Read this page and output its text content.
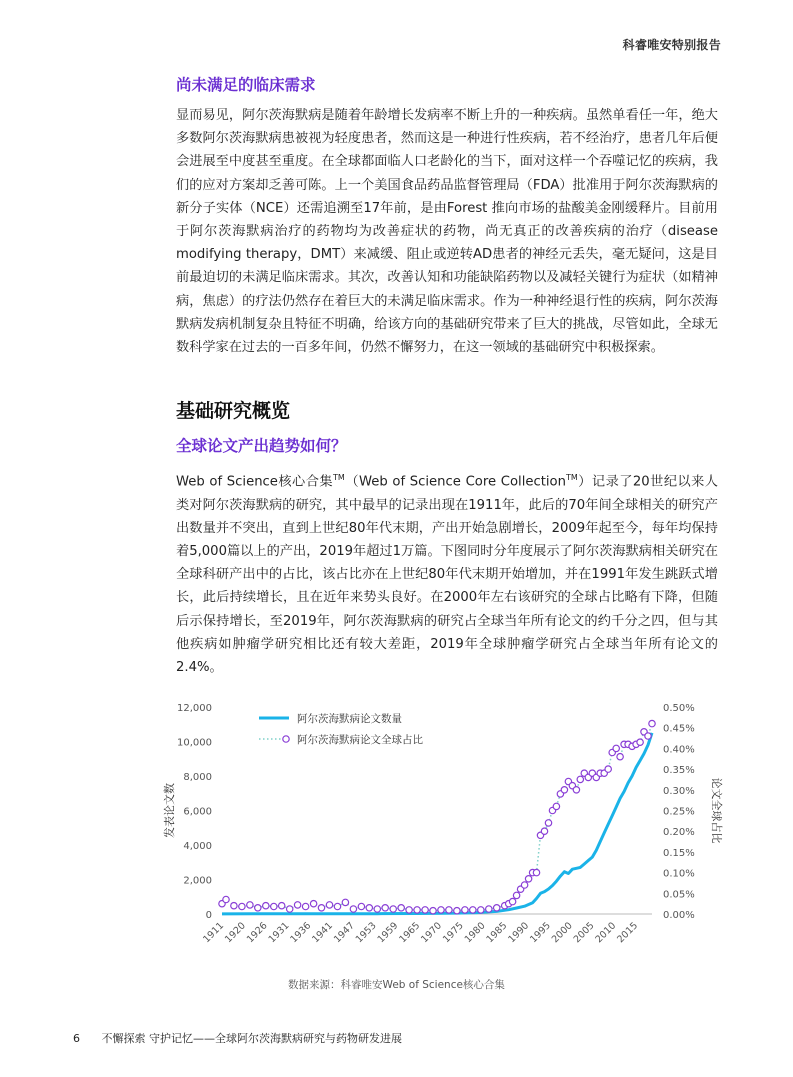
科睿唯安特别报告
尚未满足的临床需求
显而易见，阿尔茨海默病是随着年龄增长发病率不断上升的一种疾病。虽然单看任一年，绝大多数阿尔茨海默病患被视为轻度患者，然而这是一种进行性疾病，若不经治疗，患者几年后便会进展至中度甚至重度。在全球都面临人口老龄化的当下，面对这样一个吞噬记忆的疾病，我们的应对方案却乏善可陈。上一个美国食品药品监督管理局（FDA）批准用于阿尔茨海默病的新分子实体（NCE）还需追溯至17年前，是由Forest 推向市场的盐酸美金刚缓释片。目前用于阿尔茨海默病治疗的药物均为改善症状的药物，尚无真正的改善疾病的治疗（disease modifying therapy，DMT）来减缓、阻止或逆转AD患者的神经元丢失，毫无疑问，这是目前最迫切的未满足临床需求。其次，改善认知和功能缺陷药物以及减轻关键行为症状（如精神病，焦虑）的疗法仍然存在着巨大的未满足临床需求。作为一种神经退行性的疾病，阿尔茨海默病发病机制复杂且特征不明确，给该方向的基础研究带来了巨大的挑战，尽管如此，全球无数科学家在过去的一百多年间，仍然不懈努力，在这一领域的基础研究中积极探索。
基础研究概览
全球论文产出趋势如何？
Web of Science核心合集™（Web of Science Core Collection™）记录了20世纪以来人类对阿尔茨海默病的研究，其中最早的记录出现在1911年，此后的70年间全球相关的研究产出数量并不突出，直到上世纪80年代末期，产出开始急剧增长，2009年起至今，每年均保持着5,000篇以上的产出，2019年超过1万篇。下图同时分年度展示了阿尔茨海默病相关研究在全球科研产出中的占比，该占比亦在上世纪80年代末期开始增加，并在1991年发生跳跃式增长，此后持续增长，且在近年来势头良好。在2000年左右该研究的全球占比略有下降，但随后示保持增长，至2019年，阿尔茨海默病的研究占全球当年所有论文的约千分之四，但与其他疾病如肿瘤学研究相比还有较大差距，2019年全球肿瘤学研究占全球当年所有论文的2.4%。
0
2,000
4,000
6,000
8,000
10,000
12,000
0.00%
0.05%
0.10%
0.15%
0.20%
0.25%
0.30%
0.35%
0.40%
0.45%
0.50%
发表论文数	论文全球占比
1911
1920
1926
1931
1936
1941
1947
1953
1959
1965
1970
1975
1980
1985
1990
1995
2000
2005
2010
2015
阿尔茨海默病论文数量
阿尔茨海默病论文全球占比
数据来源：科睿唯安Web of Science核心合集
6 不懈探索 守护记忆——全球阿尔茨海默病研究与药物研发进展
